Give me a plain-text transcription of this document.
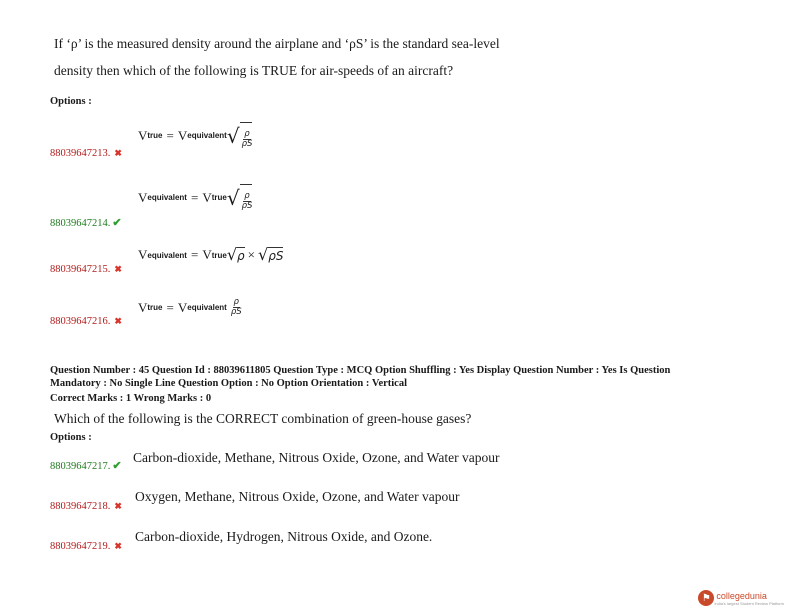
If ‘ρ’ is the measured density around the airplane and ‘ρS’ is the standard sea-level
density then which of the following is TRUE for air-speeds of an aircraft?
Options :
V true = V equivalent √ $\frac{\rho}{\rho S}$
88039647213. ✖
V equivalent = V true √ $\frac{\rho}{\rho S}$
88039647214. ✔
V equivalent = V true √ ρ × √ ρS
88039647215. ✖
V true = V equivalent $\frac{\rho}{\rho S}$
88039647216. ✖
Question Number : 45 Question Id : 88039611805 Question Type : MCQ Option Shuffling : Yes Display Question Number : Yes Is Question
Mandatory : No Single Line Question Option : No Option Orientation : Vertical
Correct Marks : 1 Wrong Marks : 0
Which of the following is the CORRECT combination of green-house gases?
Options :
88039647217. ✔
Carbon-dioxide, Methane, Nitrous Oxide, Ozone, and Water vapour
88039647218. ✖
Oxygen, Methane, Nitrous Oxide, Ozone, and Water vapour
88039647219. ✖
Carbon-dioxide, Hydrogen, Nitrous Oxide, and Ozone.
⚑ collegedunia
India's largest Student Review Platform
